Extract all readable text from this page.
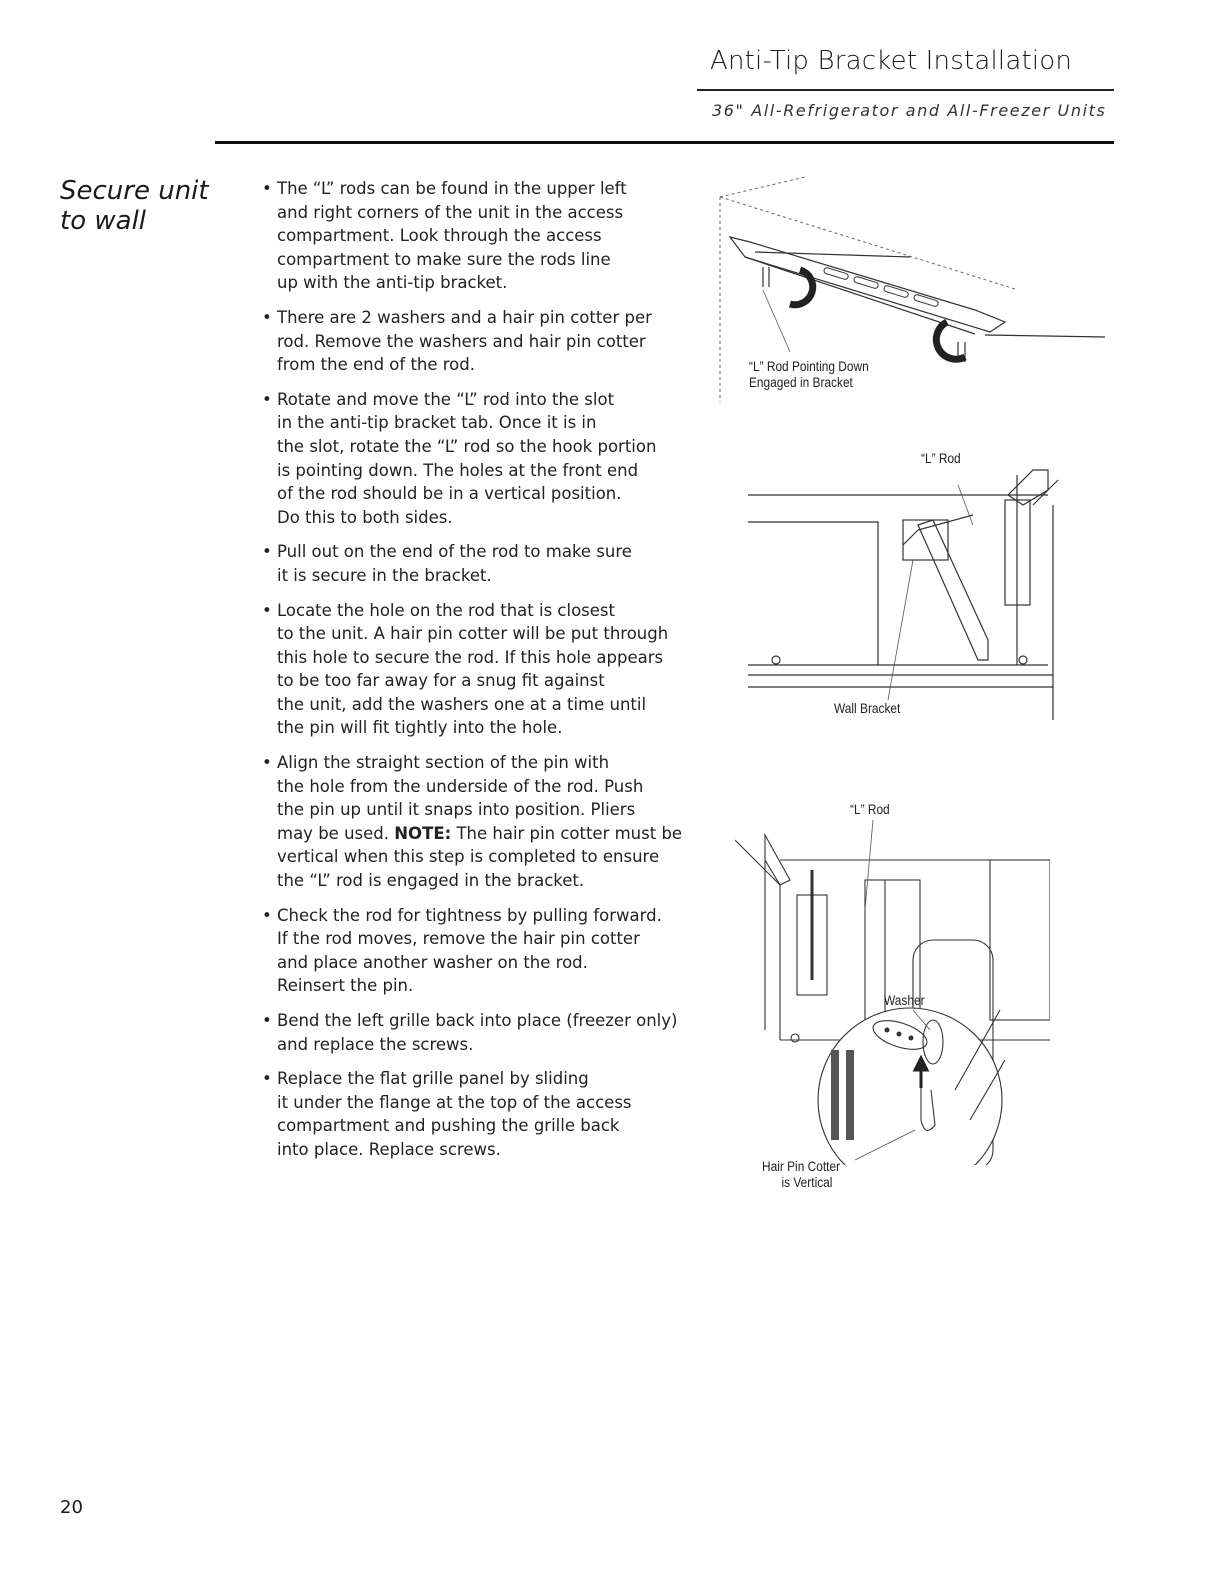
Anti-Tip Bracket Installation
36" All-Refrigerator and All-Freezer Units
Secure unit
to wall
• The “L” rods can be found in the upper left
and right corners of the unit in the access
compartment. Look through the access
compartment to make sure the rods line
up with the anti-tip bracket.
• There are 2 washers and a hair pin cotter per
rod. Remove the washers and hair pin cotter
from the end of the rod.
• Rotate and move the “L” rod into the slot
in the anti-tip bracket tab. Once it is in
the slot, rotate the “L” rod so the hook portion
is pointing down. The holes at the front end
of the rod should be in a vertical position.
Do this to both sides.
• Pull out on the end of the rod to make sure
it is secure in the bracket.
• Locate the hole on the rod that is closest
to the unit. A hair pin cotter will be put through
this hole to secure the rod. If this hole appears
to be too far away for a snug fit against
the unit, add the washers one at a time until
the pin will fit tightly into the hole.
• Align the straight section of the pin with
the hole from the underside of the rod. Push
the pin up until it snaps into position. Pliers
may be used. NOTE: The hair pin cotter must be
vertical when this step is completed to ensure
the “L” rod is engaged in the bracket.
• Check the rod for tightness by pulling forward.
If the rod moves, remove the hair pin cotter
and place another washer on the rod.
Reinsert the pin.
• Bend the left grille back into place (freezer only)
and replace the screws.
• Replace the flat grille panel by sliding
it under the flange at the top of the access
compartment and pushing the grille back
into place. Replace screws.
“L” Rod Pointing Down
Engaged in Bracket
“L” Rod
Wall Bracket
“L” Rod
Washer
Hair Pin Cotter
is Vertical
20
